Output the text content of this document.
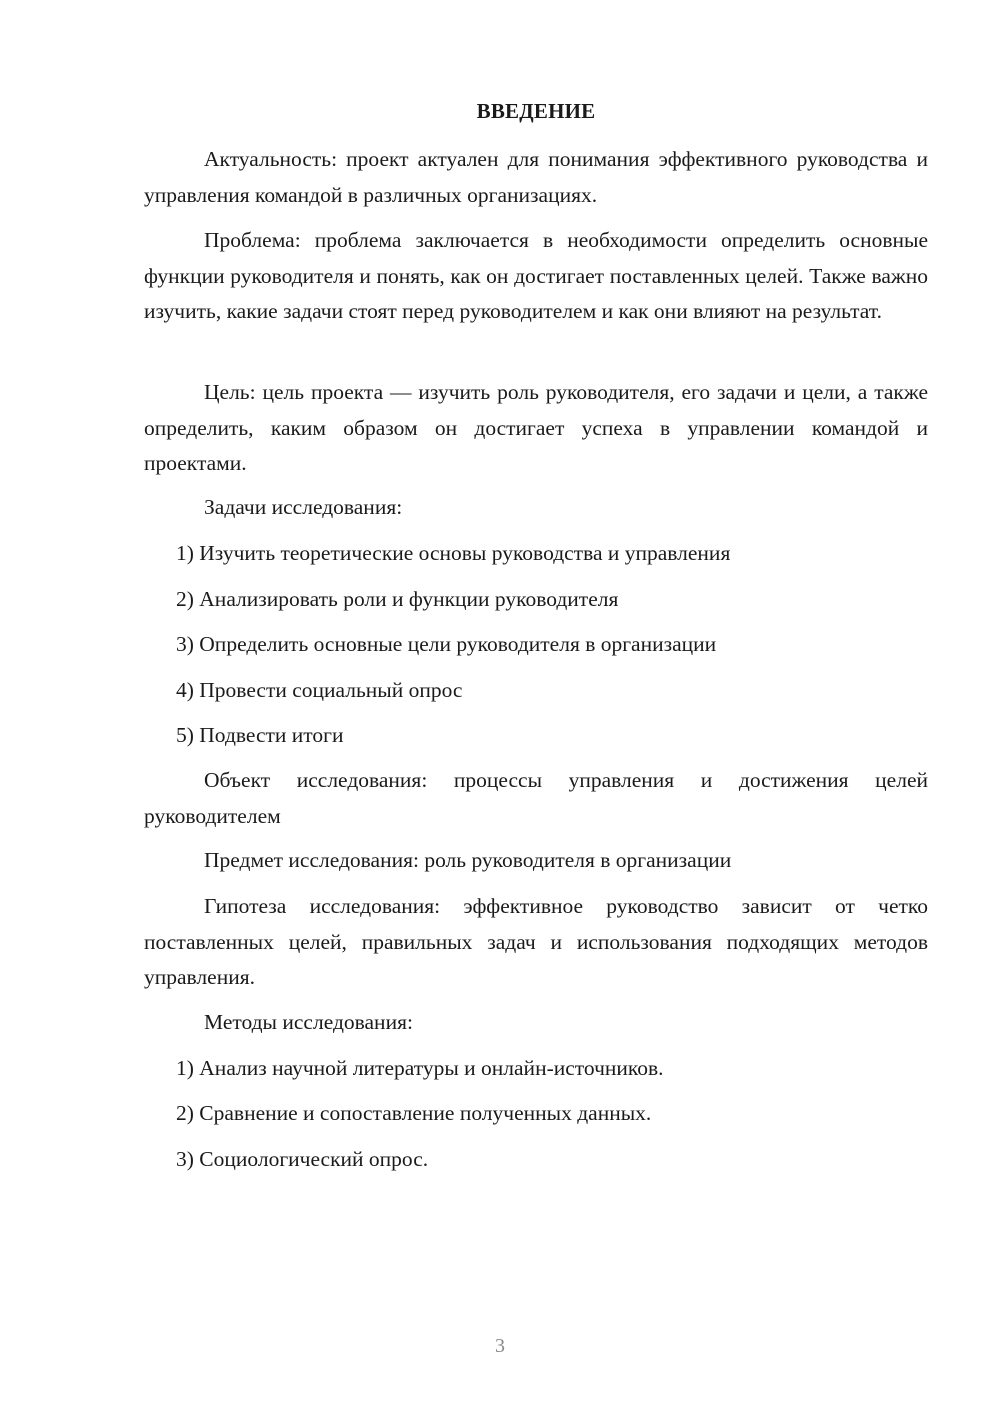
ВВЕДЕНИЕ

Актуальность: проект актуален для понимания эффективного руководства и управления командой в различных организациях.

Проблема: проблема заключается в необходимости определить основные функции руководителя и понять, как он достигает поставленных целей. Также важно изучить, какие задачи стоят перед руководителем и как они влияют на результат.

Цель: цель проекта — изучить роль руководителя, его задачи и цели, а также определить, каким образом он достигает успеха в управлении командой и проектами.

Задачи исследования:

1) Изучить теоретические основы руководства и управления
2) Анализировать роли и функции руководителя
3) Определить основные цели руководителя в организации
4) Провести социальный опрос
5) Подвести итоги

Объект исследования: процессы управления и достижения целей руководителем

Предмет исследования: роль руководителя в организации

Гипотеза исследования: эффективное руководство зависит от четко поставленных целей, правильных задач и использования подходящих методов управления.

Методы исследования:

1) Анализ научной литературы и онлайн-источников.
2) Сравнение и сопоставление полученных данных.
3) Социологический опрос.
3
